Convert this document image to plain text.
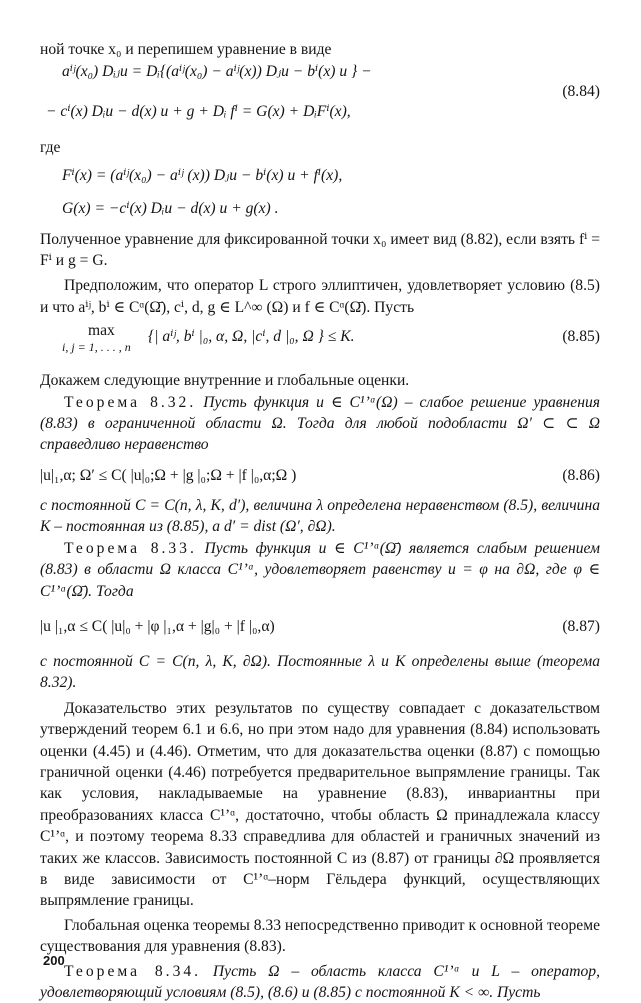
ной точке x₀ и перепишем уравнение в виде

aⁱʲ(x₀) Dᵢⱼu = Dᵢ{(aⁱʲ(x₀) − aⁱʲ(x)) Dⱼu − bⁱ(x) u } −
− cⁱ(x) Dᵢu − d(x) u + g + Dᵢ fⁱ = G(x) + DᵢFⁱ(x),
(8.84)

где

Fⁱ(x) = (aⁱʲ(x₀) − aⁱʲ (x)) Dⱼu − bⁱ(x) u + fⁱ(x),
G(x) = −cⁱ(x) Dᵢu − d(x) u + g(x) .

Полученное уравнение для фиксированной точки x₀ имеет вид (8.82), если взять fⁱ = Fⁱ и g = G.

Предположим, что оператор L строго эллиптичен, удовлетворяет условию (8.5) и что aⁱʲ, bⁱ ∈ Cᵅ(Ω̄), cⁱ, d, g ∈ L^∞ (Ω) и f ∈ Cᵅ(Ω̄). Пусть

max
i, j = 1, . . . , n
{| aⁱʲ, bⁱ |₀, α, Ω, |cⁱ, d |₀, Ω } ≤ K.	(8.85)

Докажем следующие внутренние и глобальные оценки.

Теорема 8.32. Пусть функция u ∈ C¹ʼᵅ(Ω) – слабое решение уравнения (8.83) в ограниченной области Ω. Тогда для любой подобласти Ω′ ⊂ ⊂ Ω справедливо неравенство

|u|₁,α; Ω′ ≤ C( |u|₀;Ω + |g |₀;Ω + |f |₀,α;Ω )	(8.86)

с постоянной C = C(n, λ, K, d′), величина λ определена неравенством (8.5), величина K – постоянная из (8.85), а d′ = dist (Ω′, ∂Ω).

Теорема 8.33. Пусть функция u ∈ C¹ʼᵅ(Ω̄) является слабым решением (8.83) в области Ω класса C¹ʼᵅ, удовлетворяет равенству u = φ на ∂Ω, где φ ∈ C¹ʼᵅ(Ω̄). Тогда

|u |₁,α ≤ C( |u|₀ + |φ |₁,α + |g|₀ + |f |₀,α)	(8.87)

с постоянной C = C(n, λ, K, ∂Ω). Постоянные λ и K определены выше (теорема 8.32).

Доказательство этих результатов по существу совпадает с доказательством утверждений теорем 6.1 и 6.6, но при этом надо для уравнения (8.84) использовать оценки (4.45) и (4.46). Отметим, что для доказательства оценки (8.87) с помощью граничной оценки (4.46) потребуется предварительное выпрямление границы. Так как условия, накладываемые на уравнение (8.83), инвариантны при преобразованиях класса C¹ʼᵅ, достаточно, чтобы область Ω принадлежала классу C¹ʼᵅ, и поэтому теорема 8.33 справедлива для областей и граничных значений из таких же классов. Зависимость постоянной C из (8.87) от границы ∂Ω проявляется в виде зависимости от C¹ʼᵅ–норм Гёльдера функций, осуществляющих выпрямление границы.

Глобальная оценка теоремы 8.33 непосредственно приводит к основной теореме существования для уравнения (8.83).

Теорема 8.34. Пусть Ω – область класса C¹ʼᵅ и L – оператор, удовлетворяющий условиям (8.5), (8.6) и (8.85) с постоянной K < ∞. Пусть

200
